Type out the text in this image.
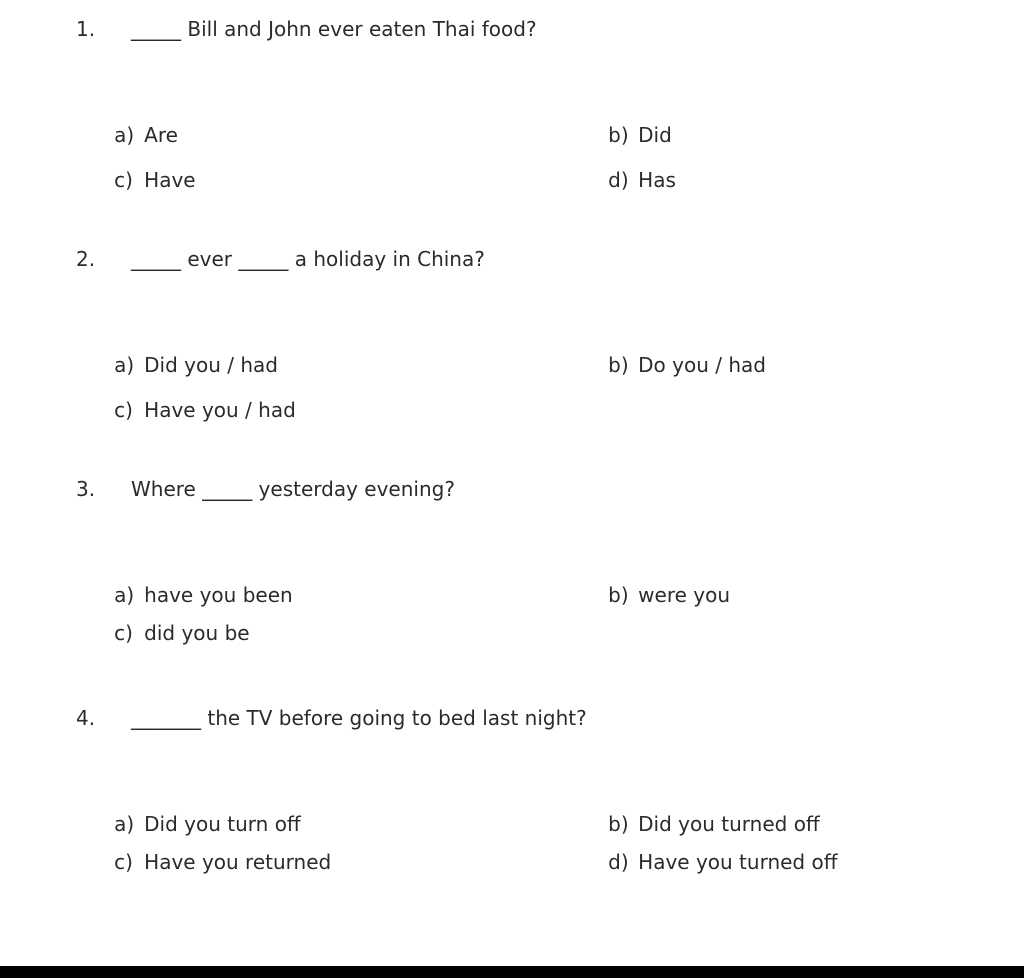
1. _____ Bill and John ever eaten Thai food?

a) Are
	b) Did

c) Have
	d) Has

2. _____ ever _____ a holiday in China?

a) Did you / had
	b) Do you / had

c) Have you / had

3. Where _____ yesterday evening?

a) have you been
	b) were you

c) did you be

4. _______ the TV before going to bed last night?

a) Did you turn off
	b) Did you turned off

c) Have you returned
	d) Have you turned off
